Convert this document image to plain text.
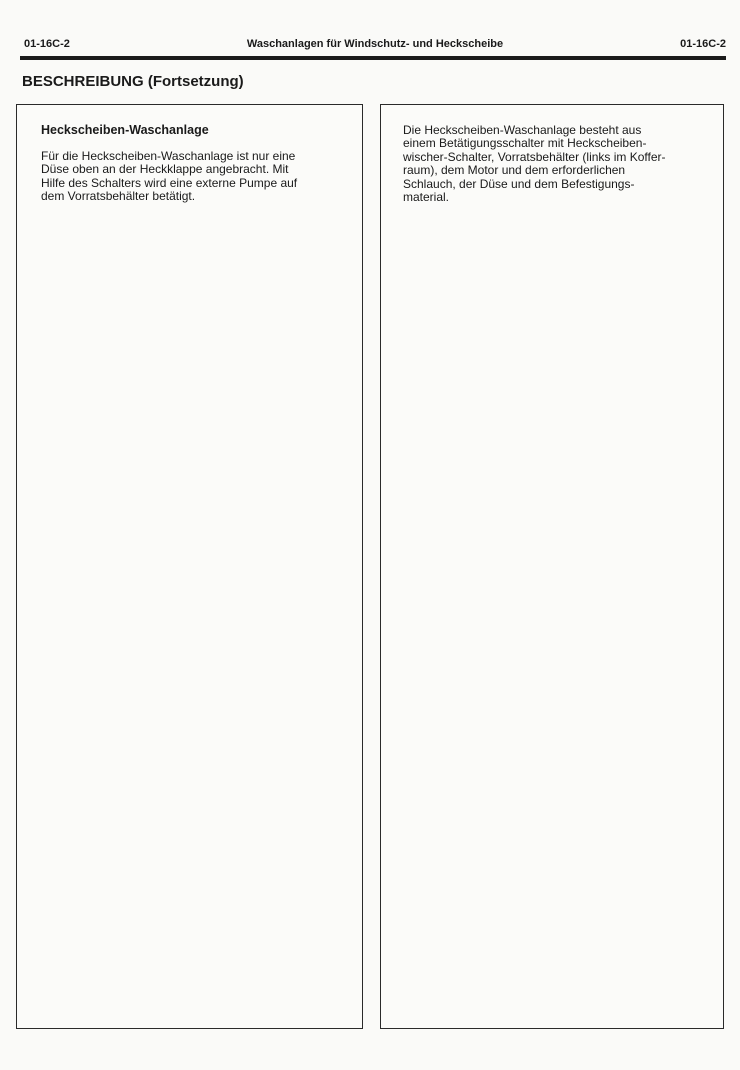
01-16C-2	Waschanlagen für Windschutz- und Heckscheibe	01-16C-2
BESCHREIBUNG (Fortsetzung)
Heckscheiben-Waschanlage

Für die Heckscheiben-Waschanlage ist nur eine
Düse oben an der Heckklappe angebracht. Mit
Hilfe des Schalters wird eine externe Pumpe auf
dem Vorratsbehälter betätigt.

Die Heckscheiben-Waschanlage besteht aus
einem Betätigungsschalter mit Heckscheiben-
wischer-Schalter, Vorratsbehälter (links im Koffer-
raum), dem Motor und dem erforderlichen
Schlauch, der Düse und dem Befestigungs-
material.
